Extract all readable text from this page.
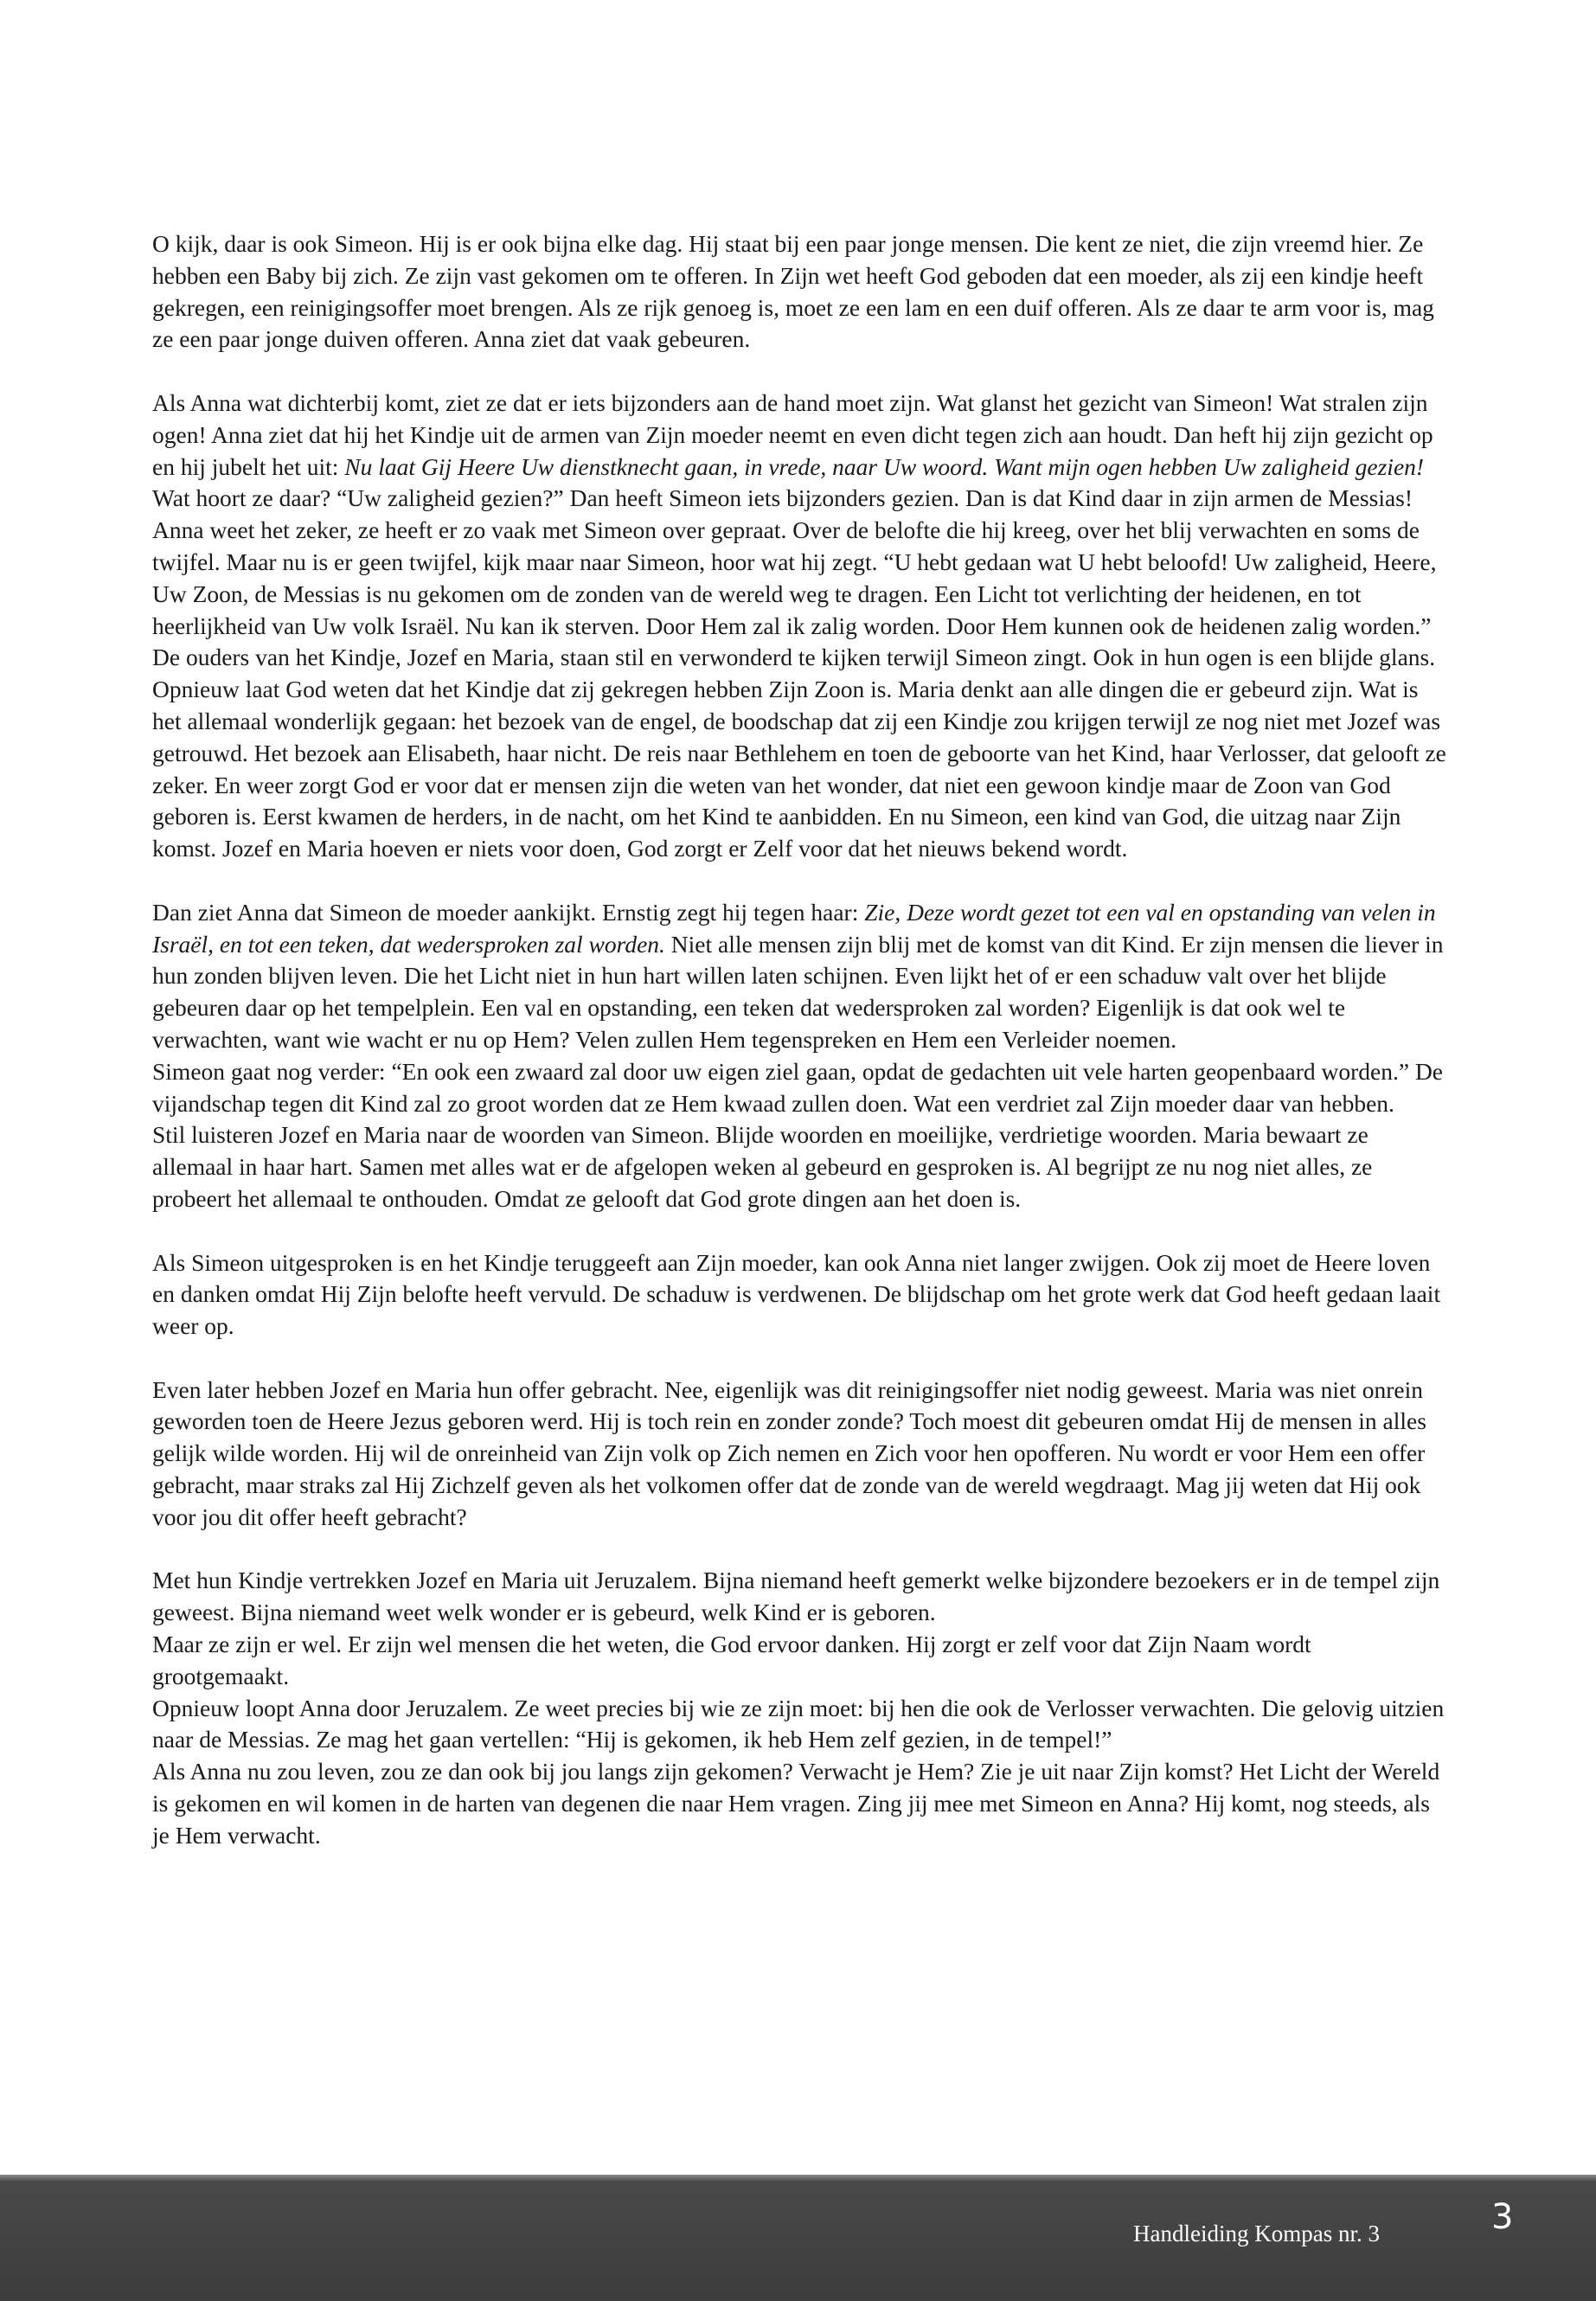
O kijk, daar is ook Simeon. Hij is er ook bijna elke dag. Hij staat bij een paar jonge mensen. Die kent ze niet, die zijn vreemd hier. Ze hebben een Baby bij zich. Ze zijn vast gekomen om te offeren. In Zijn wet heeft God geboden dat een moeder, als zij een kindje heeft gekregen, een reinigingsoffer moet brengen. Als ze rijk genoeg is, moet ze een lam en een duif offeren. Als ze daar te arm voor is, mag ze een paar jonge duiven offeren. Anna ziet dat vaak gebeuren.

Als Anna wat dichterbij komt, ziet ze dat er iets bijzonders aan de hand moet zijn. Wat glanst het gezicht van Simeon! Wat stralen zijn ogen! Anna ziet dat hij het Kindje uit de armen van Zijn moeder neemt en even dicht tegen zich aan houdt. Dan heft hij zijn gezicht op en hij jubelt het uit: Nu laat Gij Heere Uw dienstknecht gaan, in vrede, naar Uw woord. Want mijn ogen hebben Uw zaligheid gezien!

Wat hoort ze daar? “Uw zaligheid gezien?” Dan heeft Simeon iets bijzonders gezien. Dan is dat Kind daar in zijn armen de Messias! Anna weet het zeker, ze heeft er zo vaak met Simeon over gepraat. Over de belofte die hij kreeg, over het blij verwachten en soms de twijfel. Maar nu is er geen twijfel, kijk maar naar Simeon, hoor wat hij zegt. “U hebt gedaan wat U hebt beloofd! Uw zaligheid, Heere, Uw Zoon, de Messias is nu gekomen om de zonden van de wereld weg te dragen. Een Licht tot verlichting der heidenen, en tot heerlijkheid van Uw volk Israël. Nu kan ik sterven. Door Hem zal ik zalig worden. Door Hem kunnen ook de heidenen zalig worden.”

De ouders van het Kindje, Jozef en Maria, staan stil en verwonderd te kijken terwijl Simeon zingt. Ook in hun ogen is een blijde glans. Opnieuw laat God weten dat het Kindje dat zij gekregen hebben Zijn Zoon is. Maria denkt aan alle dingen die er gebeurd zijn. Wat is het allemaal wonderlijk gegaan: het bezoek van de engel, de boodschap dat zij een Kindje zou krijgen terwijl ze nog niet met Jozef was getrouwd. Het bezoek aan Elisabeth, haar nicht. De reis naar Bethlehem en toen de geboorte van het Kind, haar Verlosser, dat gelooft ze zeker. En weer zorgt God er voor dat er mensen zijn die weten van het wonder, dat niet een gewoon kindje maar de Zoon van God geboren is. Eerst kwamen de herders, in de nacht, om het Kind te aanbidden. En nu Simeon, een kind van God, die uitzag naar Zijn komst. Jozef en Maria hoeven er niets voor doen, God zorgt er Zelf voor dat het nieuws bekend wordt.

Dan ziet Anna dat Simeon de moeder aankijkt. Ernstig zegt hij tegen haar: Zie, Deze wordt gezet tot een val en opstanding van velen in Israël, en tot een teken, dat wedersproken zal worden. Niet alle mensen zijn blij met de komst van dit Kind. Er zijn mensen die liever in hun zonden blijven leven. Die het Licht niet in hun hart willen laten schijnen. Even lijkt het of er een schaduw valt over het blijde gebeuren daar op het tempelplein. Een val en opstanding, een teken dat wedersproken zal worden? Eigenlijk is dat ook wel te verwachten, want wie wacht er nu op Hem? Velen zullen Hem tegenspreken en Hem een Verleider noemen.

Simeon gaat nog verder: “En ook een zwaard zal door uw eigen ziel gaan, opdat de gedachten uit vele harten geopenbaard worden.” De vijandschap tegen dit Kind zal zo groot worden dat ze Hem kwaad zullen doen. Wat een verdriet zal Zijn moeder daar van hebben.

Stil luisteren Jozef en Maria naar de woorden van Simeon. Blijde woorden en moeilijke, verdrietige woorden. Maria bewaart ze allemaal in haar hart. Samen met alles wat er de afgelopen weken al gebeurd en gesproken is. Al begrijpt ze nu nog niet alles, ze probeert het allemaal te onthouden. Omdat ze gelooft dat God grote dingen aan het doen is.

Als Simeon uitgesproken is en het Kindje teruggeeft aan Zijn moeder, kan ook Anna niet langer zwijgen. Ook zij moet de Heere loven en danken omdat Hij Zijn belofte heeft vervuld. De schaduw is verdwenen. De blijdschap om het grote werk dat God heeft gedaan laait weer op.

Even later hebben Jozef en Maria hun offer gebracht. Nee, eigenlijk was dit reinigingsoffer niet nodig geweest. Maria was niet onrein geworden toen de Heere Jezus geboren werd. Hij is toch rein en zonder zonde? Toch moest dit gebeuren omdat Hij de mensen in alles gelijk wilde worden. Hij wil de onreinheid van Zijn volk op Zich nemen en Zich voor hen opofferen. Nu wordt er voor Hem een offer gebracht, maar straks zal Hij Zichzelf geven als het volkomen offer dat de zonde van de wereld wegdraagt. Mag jij weten dat Hij ook voor jou dit offer heeft gebracht?

Met hun Kindje vertrekken Jozef en Maria uit Jeruzalem. Bijna niemand heeft gemerkt welke bijzondere bezoekers er in de tempel zijn geweest. Bijna niemand weet welk wonder er is gebeurd, welk Kind er is geboren.

Maar ze zijn er wel. Er zijn wel mensen die het weten, die God ervoor danken. Hij zorgt er zelf voor dat Zijn Naam wordt grootgemaakt.

Opnieuw loopt Anna door Jeruzalem. Ze weet precies bij wie ze zijn moet: bij hen die ook de Verlosser verwachten. Die gelovig uitzien naar de Messias. Ze mag het gaan vertellen: “Hij is gekomen, ik heb Hem zelf gezien, in de tempel!”

Als Anna nu zou leven, zou ze dan ook bij jou langs zijn gekomen? Verwacht je Hem? Zie je uit naar Zijn komst? Het Licht der Wereld is gekomen en wil komen in de harten van degenen die naar Hem vragen. Zing jij mee met Simeon en Anna? Hij komt, nog steeds, als je Hem verwacht.

Handleiding Kompas nr. 3	3
